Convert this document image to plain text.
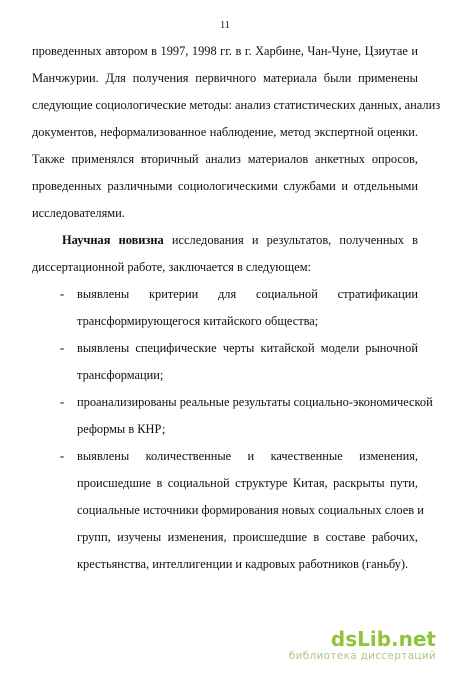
11
проведенных автором в 1997, 1998 гг. в г. Харбине, Чан-Чуне, Цзиутае и
Манчжурии. Для получения первичного материала были применены
следующие социологические методы: анализ статистических данных, анализ
документов, неформализованное наблюдение, метод экспертной оценки.
Также применялся вторичный анализ материалов анкетных опросов,
проведенных различными социологическими службами и отдельными
исследователями.
Научная новизна исследования и результатов, полученных в
диссертационной работе, заключается в следующем:
- выявлены критерии для социальной стратификации
трансформирующегося китайского общества;
- выявлены специфические черты китайской модели рыночной
трансформации;
- проанализированы реальные результаты социально-экономической
реформы в КНР;
- выявлены количественные и качественные изменения,
происшедшие в социальной структуре Китая, раскрыты пути,
социальные источники формирования новых социальных слоев и
групп, изучены изменения, происшедшие в составе рабочих,
крестьянства, интеллигенции и кадровых работников (ганьбу).
dsLib.net
библиотека диссертаций
